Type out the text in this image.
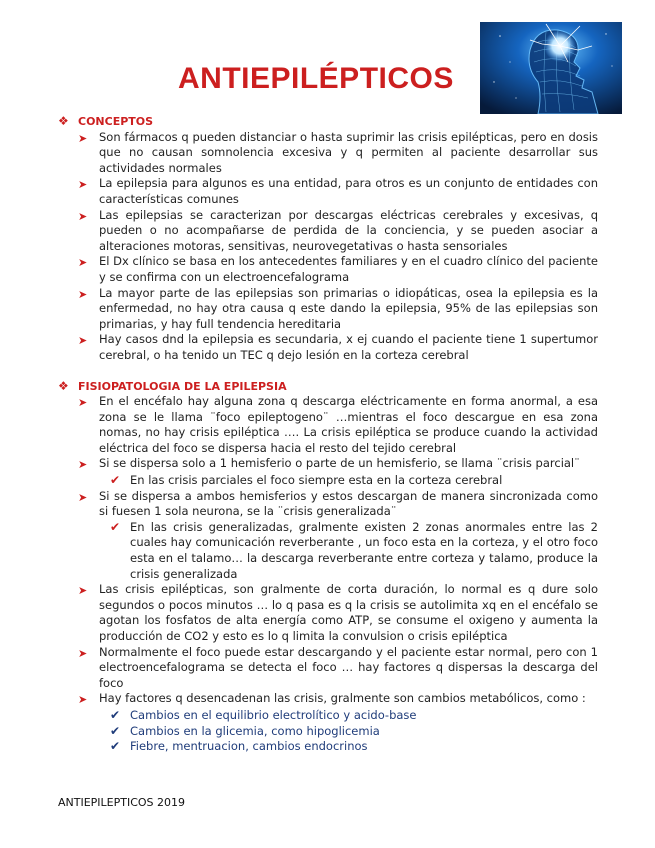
ANTIEPILÉPTICOS
❖ CONCEPTOS
➤	Son fármacos q pueden distanciar o hasta suprimir las crisis epilépticas, pero en dosis que no causan somnolencia excesiva y q permiten al paciente desarrollar sus actividades normales
➤	La epilepsia para algunos es una entidad, para otros es un conjunto de entidades con características comunes
➤	Las epilepsias se caracterizan por descargas eléctricas cerebrales y excesivas, q pueden o no acompañarse de perdida de la conciencia, y se pueden asociar a alteraciones motoras, sensitivas, neurovegetativas o hasta sensoriales
➤	El Dx clínico se basa en los antecedentes familiares y en el cuadro clínico del paciente y se confirma con un electroencefalograma
➤	La mayor parte de las epilepsias son primarias o idiopáticas, osea la epilepsia es la enfermedad, no hay otra causa q este dando la epilepsia, 95% de las epilepsias son primarias, y hay full tendencia hereditaria
➤	Hay casos dnd la epilepsia es secundaria, x ej cuando el paciente tiene 1 supertumor cerebral, o ha tenido un TEC q dejo lesión en la corteza cerebral
❖ FISIOPATOLOGIA DE LA EPILEPSIA
➤	En el encéfalo hay alguna zona q descarga eléctricamente en forma anormal, a esa zona se le llama ¨foco epileptogeno¨ …mientras el foco descargue en esa zona nomas, no hay crisis epiléptica …. La crisis epiléptica se produce cuando la actividad eléctrica del foco se dispersa hacia el resto del tejido cerebral
➤	Si se dispersa solo a 1 hemisferio o parte de un hemisferio, se llama ¨crisis parcial¨
✔ En las crisis parciales el foco siempre esta en la corteza cerebral
➤	Si se dispersa a ambos hemisferios y estos descargan de manera sincronizada como si fuesen 1 sola neurona, se la ¨crisis generalizada¨
✔ En las crisis generalizadas, gralmente existen 2 zonas anormales entre las 2 cuales hay comunicación reverberante , un foco esta en la corteza, y el otro foco esta en el talamo… la descarga reverberante entre corteza y talamo, produce la crisis generalizada
➤	Las crisis epilépticas, son gralmente de corta duración, lo normal es q dure solo segundos o pocos minutos … lo q pasa es q la crisis se autolimita xq en el encéfalo se agotan los fosfatos de alta energía como ATP, se consume el oxigeno y aumenta la producción de CO2 y esto es lo q limita la convulsion o crisis epiléptica
➤	Normalmente el foco puede estar descargando y el paciente estar normal, pero con 1 electroencefalograma se detecta el foco … hay factores q dispersas la descarga del foco
➤	Hay factores q desencadenan las crisis, gralmente son cambios metabólicos, como :
✔ Cambios en el equilibrio electrolítico y acido-base
✔ Cambios en la glicemia, como hipoglicemia
✔ Fiebre, mentruacion, cambios endocrinos
ANTIEPILEPTICOS 2019
